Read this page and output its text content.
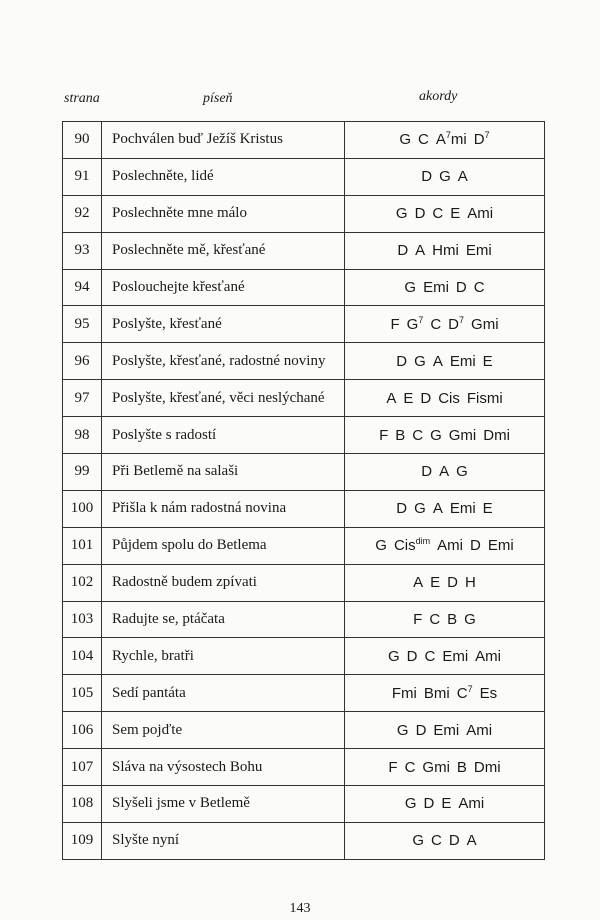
strana	píseň	akordy
90	Pochválen buď Ježíš Kristus	G C $A^7mi$ $D^7$
91	Poslechněte, lidé	D G A
92	Poslechněte mne málo	G D C E Ami
93	Poslechněte mě, křesťané	D A Hmi Emi
94	Poslouchejte křesťané	G Emi D C
95	Poslyšte, křesťané	F $G^7$ C $D^7$ Gmi
96	Poslyšte, křesťané, radostné noviny	D G A Emi E
97	Poslyšte, křesťané, věci neslýchané	A E D Cis Fismi
98	Poslyšte s radostí	F B C G Gmi Dmi
99	Při Betlemě na salaši	D A G
100	Přišla k nám radostná novina	D G A Emi E
101	Půjdem spolu do Betlema	G Cis$^{dim}$ Ami D Emi
102	Radostně budem zpívati	A E D H
103	Radujte se, ptáčata	F C B G
104	Rychle, bratři	G D C Emi Ami
105	Sedí pantáta	Fmi Bmi $C^7$ Es
106	Sem pojďte	G D Emi Ami
107	Sláva na výsostech Bohu	F C Gmi B Dmi
108	Slyšeli jsme v Betlemě	G D E Ami
109	Slyšte nyní	G C D A
143
